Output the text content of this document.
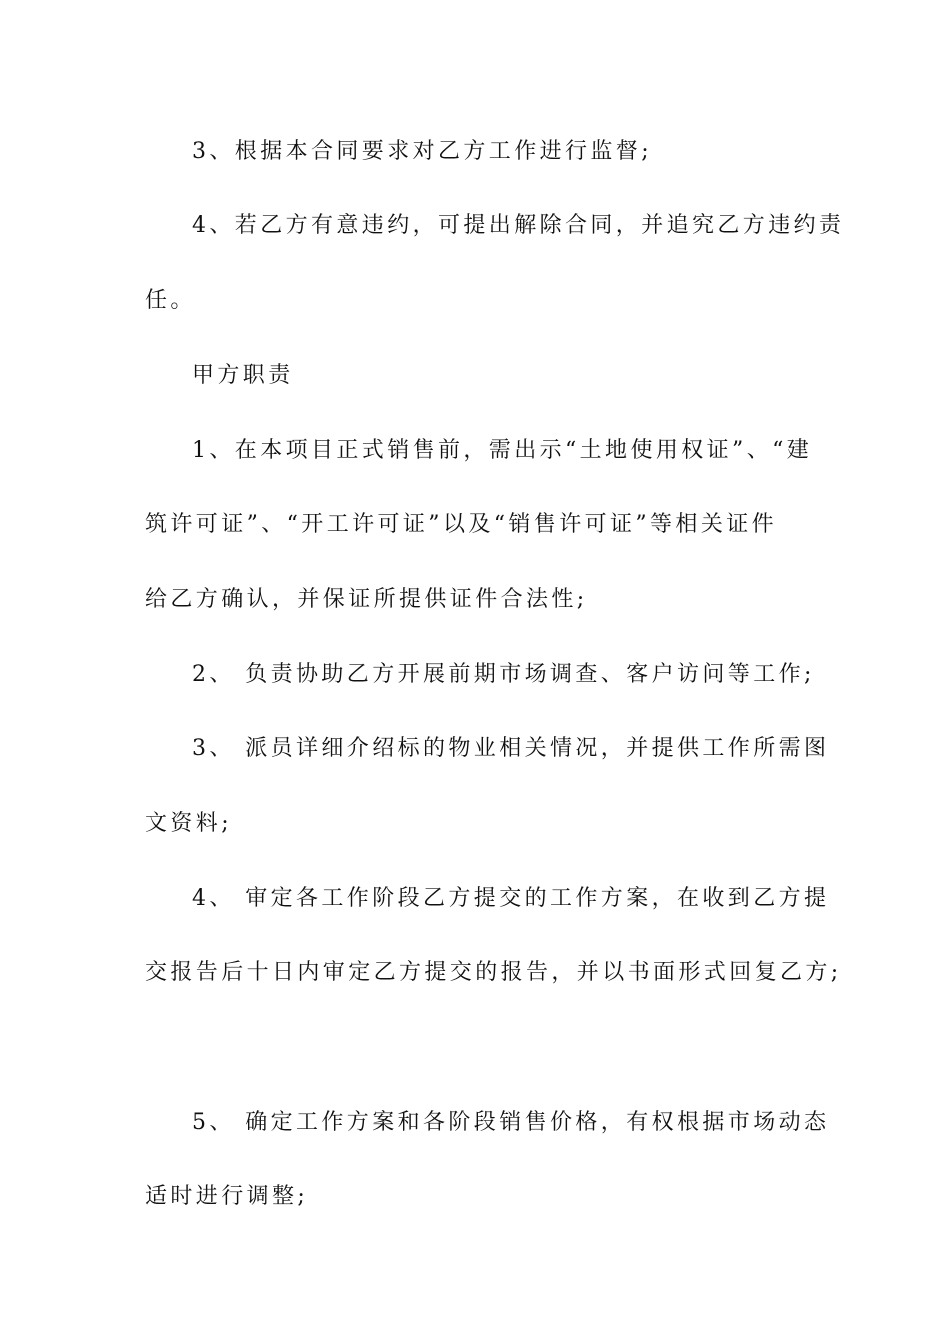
3、根据本合同要求对乙方工作进行监督;
4、若乙方有意违约，可提出解除合同，并追究乙方违约责
任。
甲方职责
1、在本项目正式销售前，需出示“土地使用权证”、“建
筑许可证”、“开工许可证”以及“销售许可证”等相关证件
给乙方确认，并保证所提供证件合法性;
2、 负责协助乙方开展前期市场调查、客户访问等工作;
3、 派员详细介绍标的物业相关情况，并提供工作所需图
文资料;
4、 审定各工作阶段乙方提交的工作方案，在收到乙方提
交报告后十日内审定乙方提交的报告，并以书面形式回复乙方;
5、 确定工作方案和各阶段销售价格，有权根据市场动态
适时进行调整;
